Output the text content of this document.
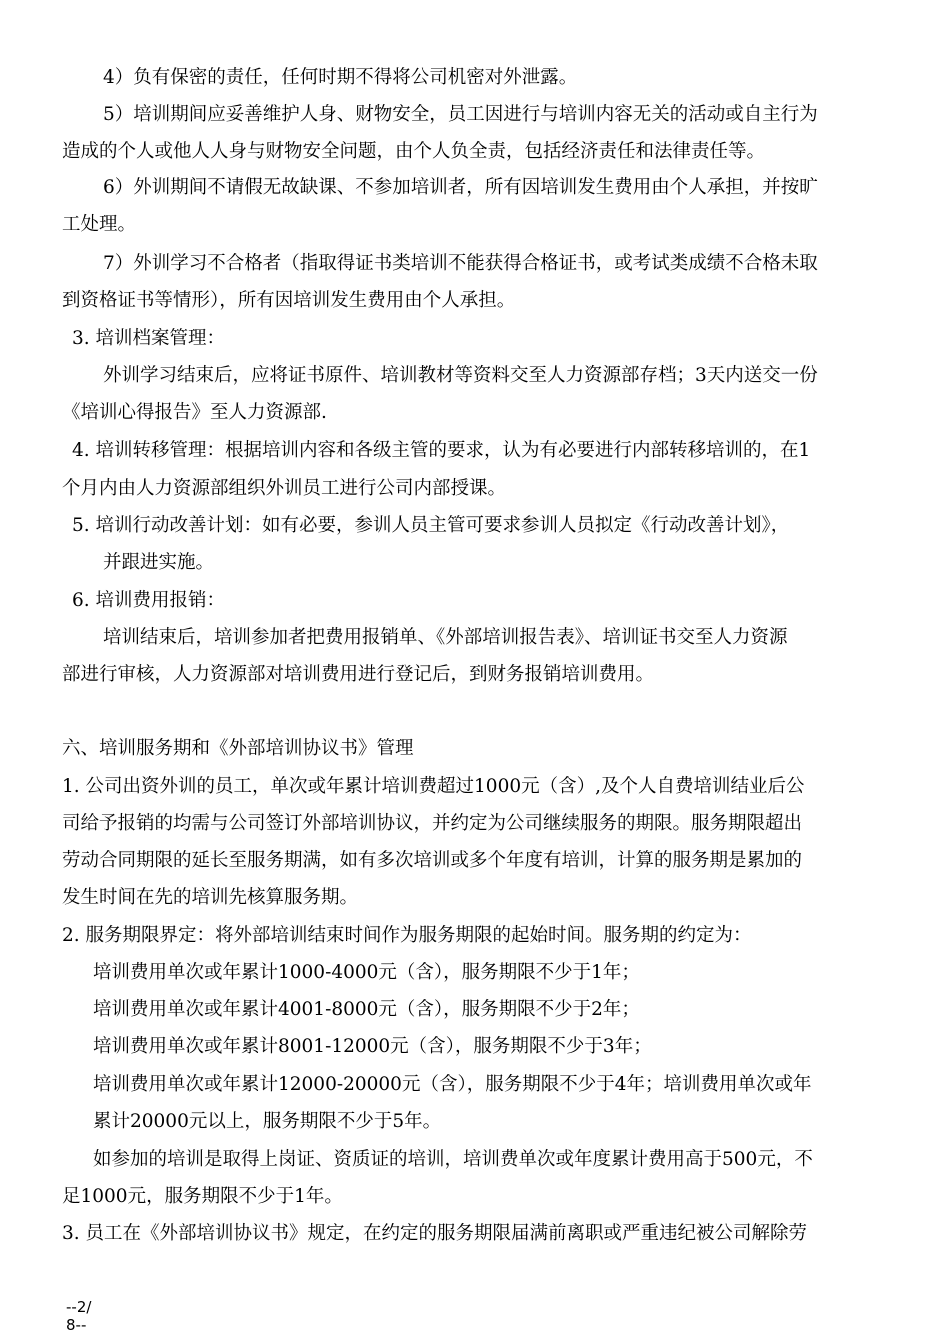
4）负有保密的责任，任何时期不得将公司机密对外泄露。

5）培训期间应妥善维护人身、财物安全，员工因进行与培训内容无关的活动或自主行为

造成的个人或他人人身与财物安全问题，由个人负全责，包括经济责任和法律责任等。

6）外训期间不请假无故缺课、不参加培训者，所有因培训发生费用由个人承担，并按旷

工处理。

7）外训学习不合格者（指取得证书类培训不能获得合格证书，或考试类成绩不合格未取

到资格证书等情形），所有因培训发生费用由个人承担。

3. 培训档案管理：

外训学习结束后，应将证书原件、培训教材等资料交至人力资源部存档；3天内送交一份

《培训心得报告》至人力资源部.

4. 培训转移管理：根据培训内容和各级主管的要求，认为有必要进行内部转移培训的，在1

个月内由人力资源部组织外训员工进行公司内部授课。

5. 培训行动改善计划：如有必要，参训人员主管可要求参训人员拟定《行动改善计划》，

并跟进实施。

6. 培训费用报销：

培训结束后，培训参加者把费用报销单、《外部培训报告表》、培训证书交至人力资源

部进行审核，人力资源部对培训费用进行登记后，到财务报销培训费用。

六、培训服务期和《外部培训协议书》管理

1. 公司出资外训的员工，单次或年累计培训费超过1000元（含）,及个人自费培训结业后公

司给予报销的均需与公司签订外部培训协议，并约定为公司继续服务的期限。服务期限超出

劳动合同期限的延长至服务期满，如有多次培训或多个年度有培训，计算的服务期是累加的

发生时间在先的培训先核算服务期。

2. 服务期限界定：将外部培训结束时间作为服务期限的起始时间。服务期的约定为：

培训费用单次或年累计1000-4000元（含），服务期限不少于1年；

培训费用单次或年累计4001-8000元（含），服务期限不少于2年；

培训费用单次或年累计8001-12000元（含），服务期限不少于3年；

培训费用单次或年累计12000-20000元（含），服务期限不少于4年；培训费用单次或年

累计20000元以上，服务期限不少于5年。

如参加的培训是取得上岗证、资质证的培训，培训费单次或年度累计费用高于500元，不

足1000元，服务期限不少于1年。

3. 员工在《外部培训协议书》规定，在约定的服务期限届满前离职或严重违纪被公司解除劳

--2/
8--
